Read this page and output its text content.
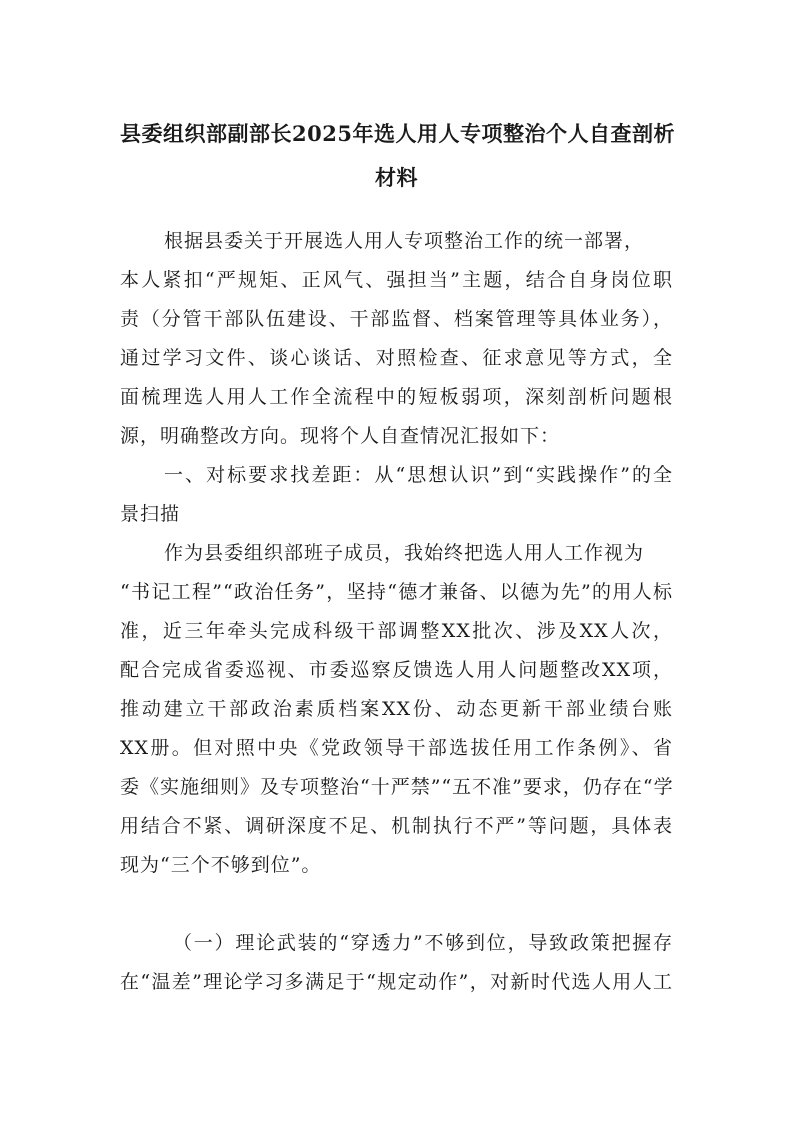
县委组织部副部长2025年选人用人专项整治个人自查剖析
材料

根据县委关于开展选人用人专项整治工作的统一部署，

本人紧扣“严规矩、正风气、强担当”主题，结合自身岗位职

责（分管干部队伍建设、干部监督、档案管理等具体业务），

通过学习文件、谈心谈话、对照检查、征求意见等方式，全

面梳理选人用人工作全流程中的短板弱项，深刻剖析问题根

源，明确整改方向。现将个人自查情况汇报如下：

一、对标要求找差距：从“思想认识”到“实践操作”的全

景扫描

作为县委组织部班子成员，我始终把选人用人工作视为

“书记工程”“政治任务”，坚持“德才兼备、以德为先”的用人标

准，近三年牵头完成科级干部调整XX批次、涉及XX人次，

配合完成省委巡视、市委巡察反馈选人用人问题整改XX项，

推动建立干部政治素质档案XX份、动态更新干部业绩台账

XX册。但对照中央《党政领导干部选拔任用工作条例》、省

委《实施细则》及专项整治“十严禁”“五不准”要求，仍存在“学

用结合不紧、调研深度不足、机制执行不严”等问题，具体表

现为“三个不够到位”。

（一）理论武装的“穿透力”不够到位，导致政策把握存

在“温差”理论学习多满足于“规定动作”，对新时代选人用人工
